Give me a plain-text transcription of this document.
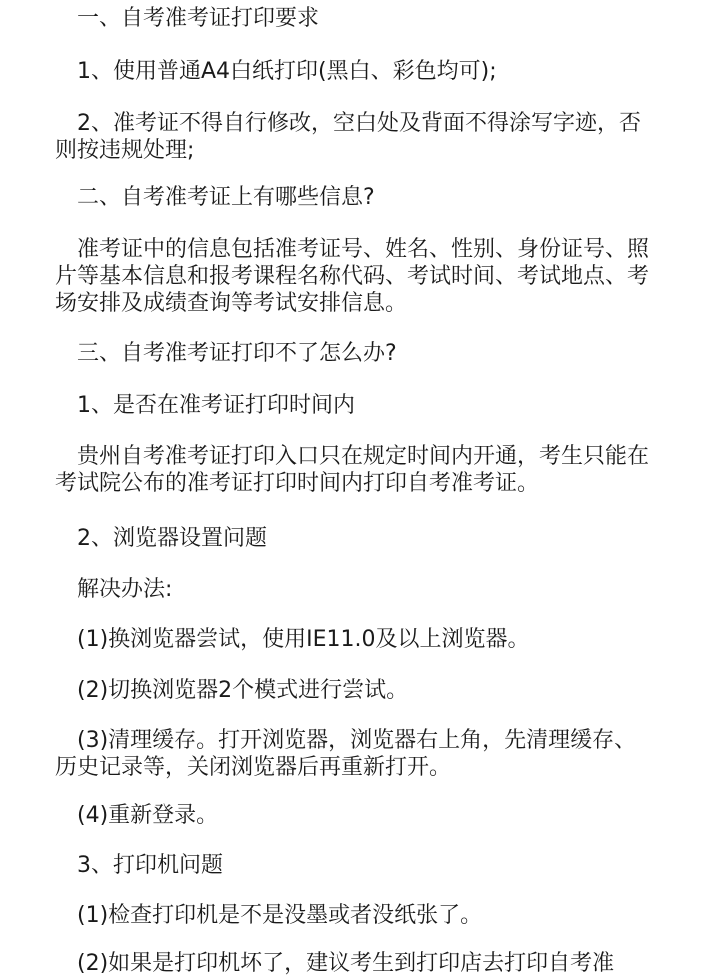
　一、自考准考证打印要求

　1、使用普通A4白纸打印(黑白、彩色均可);

　2、准考证不得自行修改，空白处及背面不得涂写字迹，否则按违规处理;

　二、自考准考证上有哪些信息?

　准考证中的信息包括准考证号、姓名、性别、身份证号、照片等基本信息和报考课程名称代码、考试时间、考试地点、考场安排及成绩查询等考试安排信息。

　三、自考准考证打印不了怎么办?

　1、是否在准考证打印时间内

　贵州自考准考证打印入口只在规定时间内开通，考生只能在考试院公布的准考证打印时间内打印自考准考证。

　2、浏览器设置问题

　解决办法:

　(1)换浏览器尝试，使用IE11.0及以上浏览器。

　(2)切换浏览器2个模式进行尝试。

　(3)清理缓存。打开浏览器，浏览器右上角，先清理缓存、历史记录等，关闭浏览器后再重新打开。

　(4)重新登录。

　3、打印机问题

　(1)检查打印机是不是没墨或者没纸张了。

　(2)如果是打印机坏了，建议考生到打印店去打印自考准
